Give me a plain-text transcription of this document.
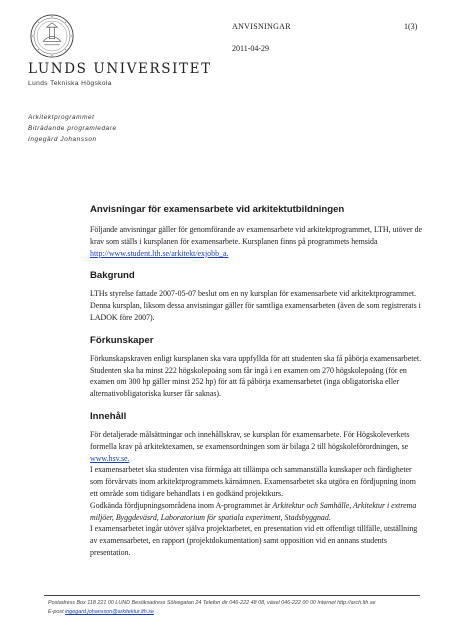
LUNDS UNIVERSITET
Lunds Tekniska Högskola
ANVISNINGAR	1(3)
2011-04-29
Arkitektprogrammet
Biträdande programledare
Ingegärd Johansson
Anvisningar för examensarbete vid arkitektutbildningen

Följande anvisningar gäller för genomförande av examensarbete vid arkitektprogrammet, LTH, utöver de krav som ställs i kursplanen för examensarbete. Kursplanen finns på programmets hemsida http://www.student.lth.se/arkitekt/exjobb_a.

Bakgrund

LTHs styrelse fattade 2007-05-07 beslut om en ny kursplan för examensarbete vid arkitektprogrammet. Denna kursplan, liksom dessa anvisningar gäller för samtliga examensarbeten (även de som registrerats i LADOK före 2007).

Förkunskaper

Förkunskapskraven enligt kursplanen ska vara uppfyllda för att studenten ska få påbörja examensarbetet. Studenten ska ha minst 222 högskolepoäng som får ingå i en examen om 270 högskolepoäng (för en examen om 300 hp gäller minst 252 hp) för att få påbörja examensarbetet (inga obligatoriska eller alternativobligatoriska kurser får saknas).

Innehåll

För detaljerade målsättningar och innehållskrav, se kursplan för examensarbete. För Högskoleverkets formella krav på arkitektexamen, se examensordningen som är bilaga 2 till högskoleförordningen, se www.hsv.se.

I examensarbetet ska studenten visa förmåga att tillämpa och sammanställa kunskaper och färdigheter som förvärvats inom arkitektprogrammets kärnämnen. Examensarbetet ska utgöra en fördjupning inom ett område som tidigare behandlats i en godkänd projektkurs.

Godkända fördjupningsområdena inom A-programmet är Arkitektur och Samhälle, Arkitektur i extrema miljöer, Byggdeväsrd, Laboratorium för spatiala experiment, Stadsbyggnad.

I examensarbetet ingår utöver själva projektarbetet, en presentation vid ett offentligt tillfälle, utställning av examensarbetet, en rapport (projektdokumentation) samt opposition vid en annans students presentation.

Postadress Box 118 221 00 LUND Besöksadress Sölvegatan 24 Telefon dir 046-222 48 08, växel 046-222 00 00 Internet http://arch.lth.se
E-post ingegard.johansson@arkitektur.lth.se
